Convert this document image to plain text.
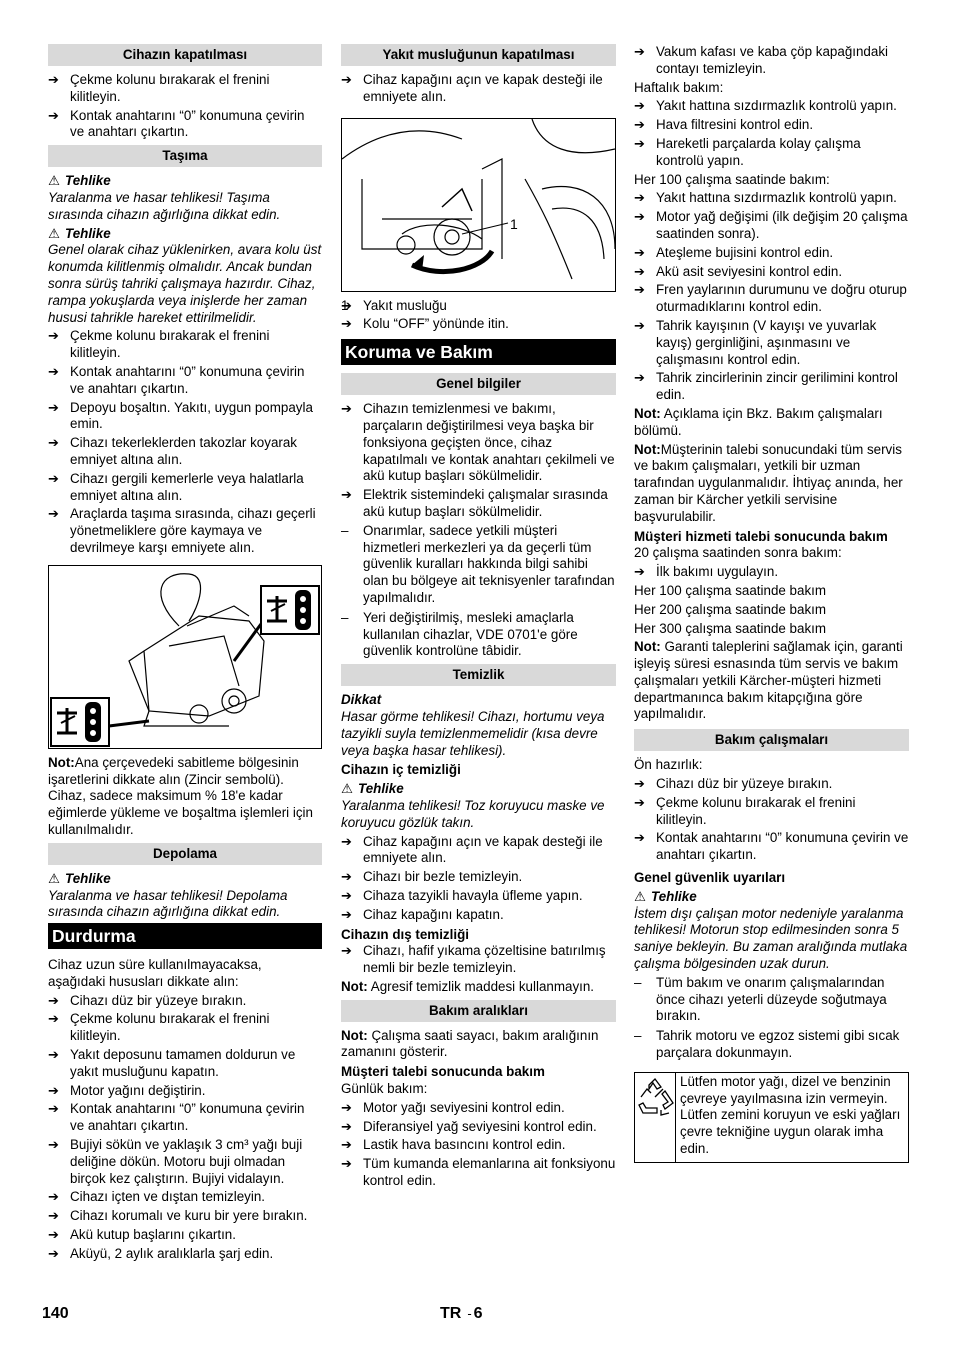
Cihazın kapatılması
➔ Çekme kolunu bırakarak el frenini kilitleyin.
➔ Kontak anahtarını “0” konumuna çevirin ve anahtarı çıkartın.
Taşıma
⚠ Tehlike
Yaralanma ve hasar tehlikesi! Taşıma sırasında cihazın ağırlığına dikkat edin.
⚠ Tehlike
Genel olarak cihaz yüklenirken, avara kolu üst konumda kilitlenmiş olmalıdır. Ancak bundan sonra sürüş tahriki çalışmaya hazırdır. Cihaz, rampa yokuşlarda veya inişlerde her zaman hususi tahrikle hareket ettirilmelidir.
➔ Çekme kolunu bırakarak el frenini kilitleyin.
➔ Kontak anahtarını “0” konumuna çevirin ve anahtarı çıkartın.
➔ Depoyu boşaltın. Yakıtı, uygun pompayla emin.
➔ Cihazı tekerleklerden takozlar koyarak emniyet altına alın.
➔ Cihazı gergili kemerlerle veya halatlarla emniyet altına alın.
➔ Araçlarda taşıma sırasında, cihazı geçerli yönetmeliklere göre kaymaya ve devrilmeye karşı emniyete alın.
Not:Ana çerçevedeki sabitleme bölgesinin işaretlerini dikkate alın (Zincir sembolü). Cihaz, sadece maksimum % 18'e kadar eğimlerde yükleme ve boşaltma işlemleri için kullanılmalıdır.
Depolama
⚠ Tehlike
Yaralanma ve hasar tehlikesi! Depolama sırasında cihazın ağırlığına dikkat edin.
Durdurma
Cihaz uzun süre kullanılmayacaksa, aşağıdaki hususları dikkate alın:
➔ Cihazı düz bir yüzeye bırakın.
➔ Çekme kolunu bırakarak el frenini kilitleyin.
➔ Yakıt deposunu tamamen doldurun ve yakıt musluğunu kapatın.
➔ Motor yağını değiştirin.
➔ Kontak anahtarını “0” konumuna çevirin ve anahtarı çıkartın.
➔ Bujiyi sökün ve yaklaşık 3 cm³ yağı buji deliğine dökün. Motoru buji olmadan birçok kez çalıştırın. Bujiyi vidalayın.
➔ Cihazı içten ve dıştan temizleyin.
➔ Cihazı korumalı ve kuru bir yere bırakın.
➔ Akü kutup başlarını çıkartın.
➔ Aküyü, 2 aylık aralıklarla şarj edin.
Yakıt musluğunun kapatılması
➔ Cihaz kapağını açın ve kapak desteği ile emniyete alın.
1
➔ 1 Yakıt musluğu
➔ Kolu “OFF” yönünde itin.
Koruma ve Bakım
Genel bilgiler
➔ Cihazın temizlenmesi ve bakımı, parçaların değiştirilmesi veya başka bir fonksiyona geçişten önce, cihaz kapatılmalı ve kontak anahtarı çekilmeli ve akü kutup başları sökülmelidir.
➔ Elektrik sistemindeki çalışmalar sırasında akü kutup başları sökülmelidir.
– Onarımlar, sadece yetkili müşteri hizmetleri merkezleri ya da geçerli tüm güvenlik kuralları hakkında bilgi sahibi olan bu bölgeye ait teknisyenler tarafından yapılmalıdır.
– Yeri değiştirilmiş, mesleki amaçlarla kullanılan cihazlar, VDE 0701'e göre güvenlik kontrolüne tâbidir.
Temizlik
Dikkat
Hasar görme tehlikesi! Cihazı, hortumu veya tazyikli suyla temizlenmemelidir (kısa devre veya başka hasar tehlikesi).
Cihazın iç temizliği
⚠ Tehlike
Yaralanma tehlikesi! Toz koruyucu maske ve koruyucu gözlük takın.
➔ Cihaz kapağını açın ve kapak desteği ile emniyete alın.
➔ Cihazı bir bezle temizleyin.
➔ Cihaza tazyikli havayla üfleme yapın.
➔ Cihaz kapağını kapatın.
Cihazın dış temizliği
➔ Cihazı, hafif yıkama çözeltisine batırılmış nemli bir bezle temizleyin.
Not: Agresif temizlik maddesi kullanmayın.
Bakım aralıkları
Not: Çalışma saati sayacı, bakım aralığının zamanını gösterir.
Müşteri talebi sonucunda bakım
Günlük bakım:
➔ Motor yağı seviyesini kontrol edin.
➔ Diferansiyel yağ seviyesini kontrol edin.
➔ Lastik hava basıncını kontrol edin.
➔ Tüm kumanda elemanlarına ait fonksiyonu kontrol edin.
➔ Vakum kafası ve kaba çöp kapağındaki contayı temizleyin.
Haftalık bakım:
➔ Yakıt hattına sızdırmazlık kontrolü yapın.
➔ Hava filtresini kontrol edin.
➔ Hareketli parçalarda kolay çalışma kontrolü yapın.
Her 100 çalışma saatinde bakım:
➔ Yakıt hattına sızdırmazlık kontrolü yapın.
➔ Motor yağ değişimi (ilk değişim 20 çalışma saatinden sonra).
➔ Ateşleme bujisini kontrol edin.
➔ Akü asit seviyesini kontrol edin.
➔ Fren yaylarının durumunu ve doğru oturup oturmadıklarını kontrol edin.
➔ Tahrik kayışının (V kayışı ve yuvarlak kayış) gerginliğini, aşınmasını ve çalışmasını kontrol edin.
➔ Tahrik zincirlerinin zincir gerilimini kontrol edin.
Not: Açıklama için Bkz. Bakım çalışmaları bölümü.
Not:Müşterinin talebi sonucundaki tüm servis ve bakım çalışmaları, yetkili bir uzman tarafından uygulanmalıdır. İhtiyaç anında, her zaman bir Kärcher yetkili servisine başvurulabilir.
Müşteri hizmeti talebi sonucunda bakım
20 çalışma saatinden sonra bakım:
➔ İlk bakımı uygulayın.
Her 100 çalışma saatinde bakım
Her 200 çalışma saatinde bakım
Her 300 çalışma saatinde bakım
Not: Garanti taleplerini sağlamak için, garanti işleyiş süresi esnasında tüm servis ve bakım çalışmaları yetkili Kärcher-müşteri hizmeti departmanınca bakım kitapçığına göre yapılmalıdır.
Bakım çalışmaları
Ön hazırlık:
➔ Cihazı düz bir yüzeye bırakın.
➔ Çekme kolunu bırakarak el frenini kilitleyin.
➔ Kontak anahtarını “0” konumuna çevirin ve anahtarı çıkartın.
Genel güvenlik uyarıları
⚠ Tehlike
İstem dışı çalışan motor nedeniyle yaralanma tehlikesi! Motorun stop edilmesinden sonra 5 saniye bekleyin. Bu zaman aralığında mutlaka çalışma bölgesinden uzak durun.
– Tüm bakım ve onarım çalışmalarından önce cihazı yeterli düzeyde soğutmaya bırakın.
– Tahrik motoru ve egzoz sistemi gibi sıcak parçalara dokunmayın.
Lütfen motor yağı, dizel ve benzinin çevreye yayılmasına izin vermeyin. Lütfen zemini koruyun ve eski yağları çevre tekniğine uygun olarak imha edin.
140	TR - 6
